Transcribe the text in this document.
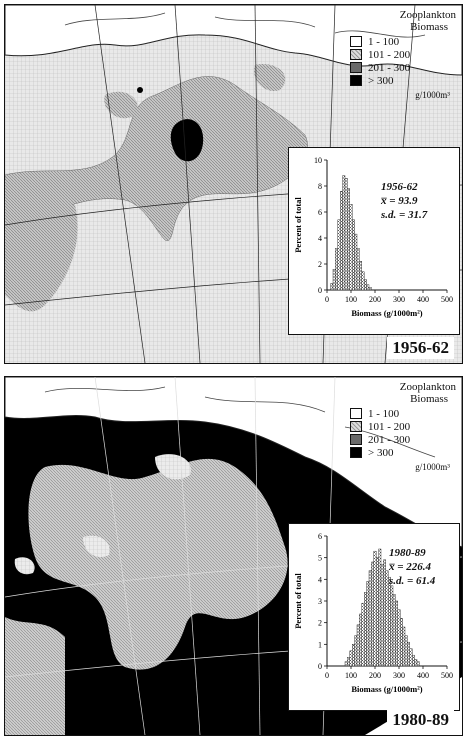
Zooplankton
Biomass
1 - 100
101 - 200
201 - 300
> 300
g/1000m³
0 100 200 300 400 500
0
2
4
6
8
10
Biomass (g/1000m²)
Percent of total
1956-62
x̅ = 93.9
s.d. = 31.7
1956-62
Zooplankton
Biomass
1 - 100
101 - 200
201 - 300
> 300
g/1000m³
0 100 200 300 400 500
0
1
2
3
4
5
6
Biomass (g/1000m²)
Percent of total
1980-89
x̅ = 226.4
s.d. = 61.4
1980-89
